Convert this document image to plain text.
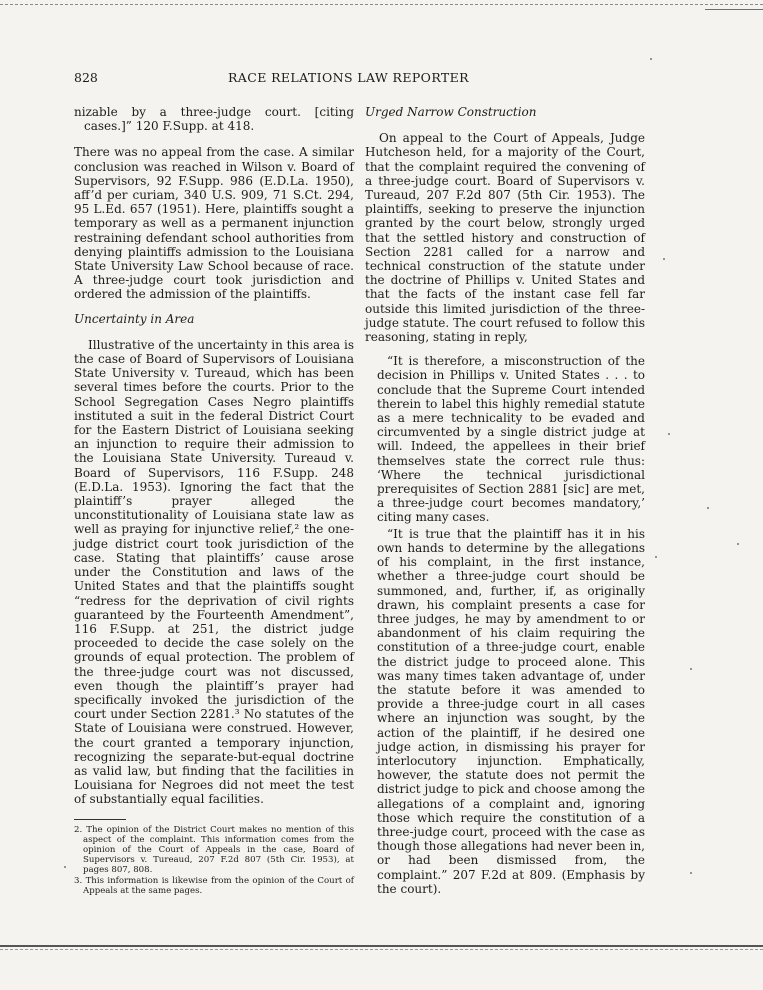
828	RACE RELATIONS LAW REPORTER

nizable by a three-judge court. [citing cases.]” 120 F.Supp. at 418.

There was no appeal from the case. A similar conclusion was reached in Wilson v. Board of Supervisors, 92 F.Supp. 986 (E.D.La. 1950), aff’d per curiam, 340 U.S. 909, 71 S.Ct. 294, 95 L.Ed. 657 (1951). Here, plaintiffs sought a temporary as well as a permanent injunction restraining defendant school authorities from denying plaintiffs admission to the Louisiana State University Law School because of race. A three-judge court took jurisdiction and ordered the admission of the plaintiffs.

Uncertainty in Area

Illustrative of the uncertainty in this area is the case of Board of Supervisors of Louisiana State University v. Tureaud, which has been several times before the courts. Prior to the School Segregation Cases Negro plaintiffs instituted a suit in the federal District Court for the Eastern District of Louisiana seeking an injunction to require their admission to the Louisiana State University. Tureaud v. Board of Supervisors, 116 F.Supp. 248 (E.D.La. 1953). Ignoring the fact that the plaintiff’s prayer alleged the unconstitutionality of Louisiana state law as well as praying for injunctive relief,² the one-judge district court took jurisdiction of the case. Stating that plaintiffs’ cause arose under the Constitution and laws of the United States and that the plaintiffs sought “redress for the deprivation of civil rights guaranteed by the Fourteenth Amendment”, 116 F.Supp. at 251, the district judge proceeded to decide the case solely on the grounds of equal protection. The problem of the three-judge court was not discussed, even though the plaintiff’s prayer had specifically invoked the jurisdiction of the court under Section 2281.³ No statutes of the State of Louisiana were construed. However, the court granted a temporary injunction, recognizing the separate-but-equal doctrine as valid law, but finding that the facilities in Louisiana for Negroes did not meet the test of substantially equal facilities.

2. The opinion of the District Court makes no mention of this aspect of the complaint. This information comes from the opinion of the Court of Appeals in the case, Board of Supervisors v. Tureaud, 207 F.2d 807 (5th Cir. 1953), at pages 807, 808.

3. This information is likewise from the opinion of the Court of Appeals at the same pages.

Urged Narrow Construction

On appeal to the Court of Appeals, Judge Hutcheson held, for a majority of the Court, that the complaint required the convening of a three-judge court. Board of Supervisors v. Tureaud, 207 F.2d 807 (5th Cir. 1953). The plaintiffs, seeking to preserve the injunction granted by the court below, strongly urged that the settled history and construction of Section 2281 called for a narrow and technical construction of the statute under the doctrine of Phillips v. United States and that the facts of the instant case fell far outside this limited jurisdiction of the three-judge statute. The court refused to follow this reasoning, stating in reply,

“It is therefore, a misconstruction of the decision in Phillips v. United States . . . to conclude that the Supreme Court intended therein to label this highly remedial statute as a mere technicality to be evaded and circumvented by a single district judge at will. Indeed, the appellees in their brief themselves state the correct rule thus: ‘Where the technical jurisdictional prerequisites of Section 2881 [sic] are met, a three-judge court becomes mandatory,’ citing many cases.

“It is true that the plaintiff has it in his own hands to determine by the allegations of his complaint, in the first instance, whether a three-judge court should be summoned, and, further, if, as originally drawn, his complaint presents a case for three judges, he may by amendment to or abandonment of his claim requiring the constitution of a three-judge court, enable the district judge to proceed alone. This was many times taken advantage of, under the statute before it was amended to provide a three-judge court in all cases where an injunction was sought, by the action of the plaintiff, if he desired one judge action, in dismissing his prayer for interlocutory injunction. Emphatically, however, the statute does not permit the district judge to pick and choose among the allegations of a complaint and, ignoring those which require the constitution of a three-judge court, proceed with the case as though those allegations had never been in, or had been dismissed from, the complaint.” 207 F.2d at 809. (Emphasis by the court).
